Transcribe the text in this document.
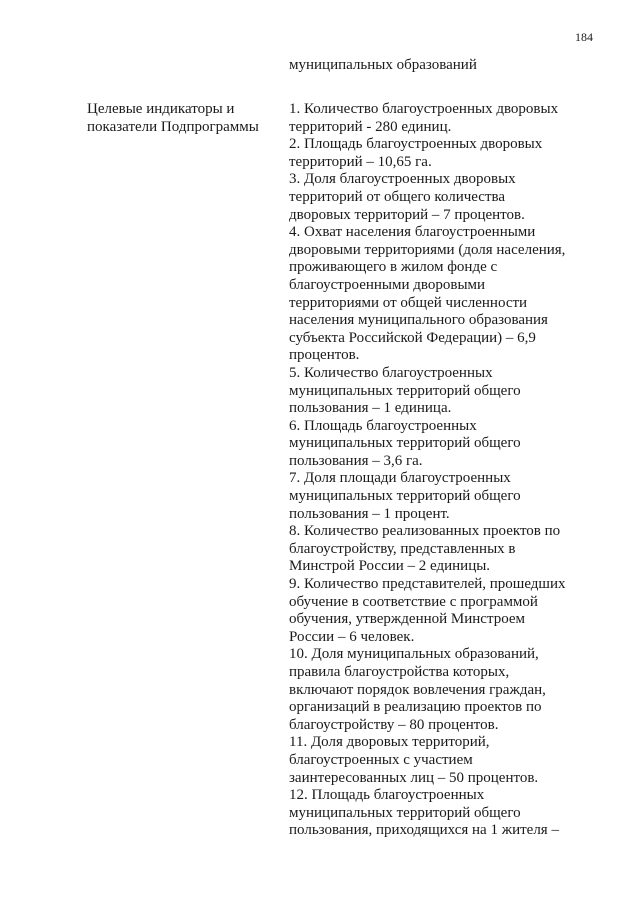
184
муниципальных образований
Целевые индикаторы и
показатели Подпрограммы
1. Количество благоустроенных дворовых
территорий - 280 единиц.
2. Площадь благоустроенных дворовых
территорий – 10,65 га.
3. Доля благоустроенных дворовых
территорий от общего количества
дворовых территорий – 7 процентов.
4. Охват населения благоустроенными
дворовыми территориями (доля населения,
проживающего в жилом фонде с
благоустроенными дворовыми
территориями от общей численности
населения муниципального образования
субъекта Российской Федерации) – 6,9
процентов.
5. Количество благоустроенных
муниципальных территорий общего
пользования – 1 единица.
6. Площадь благоустроенных
муниципальных территорий общего
пользования – 3,6 га.
7. Доля площади благоустроенных
муниципальных территорий общего
пользования – 1 процент.
8. Количество реализованных проектов по
благоустройству, представленных в
Минстрой России – 2 единицы.
9. Количество представителей, прошедших
обучение в соответствие с программой
обучения, утвержденной Минстроем
России – 6 человек.
10. Доля муниципальных образований,
правила благоустройства которых,
включают порядок вовлечения граждан,
организаций в реализацию проектов по
благоустройству – 80 процентов.
11. Доля дворовых территорий,
благоустроенных с участием
заинтересованных лиц – 50 процентов.
12. Площадь благоустроенных
муниципальных территорий общего
пользования, приходящихся на 1 жителя –
